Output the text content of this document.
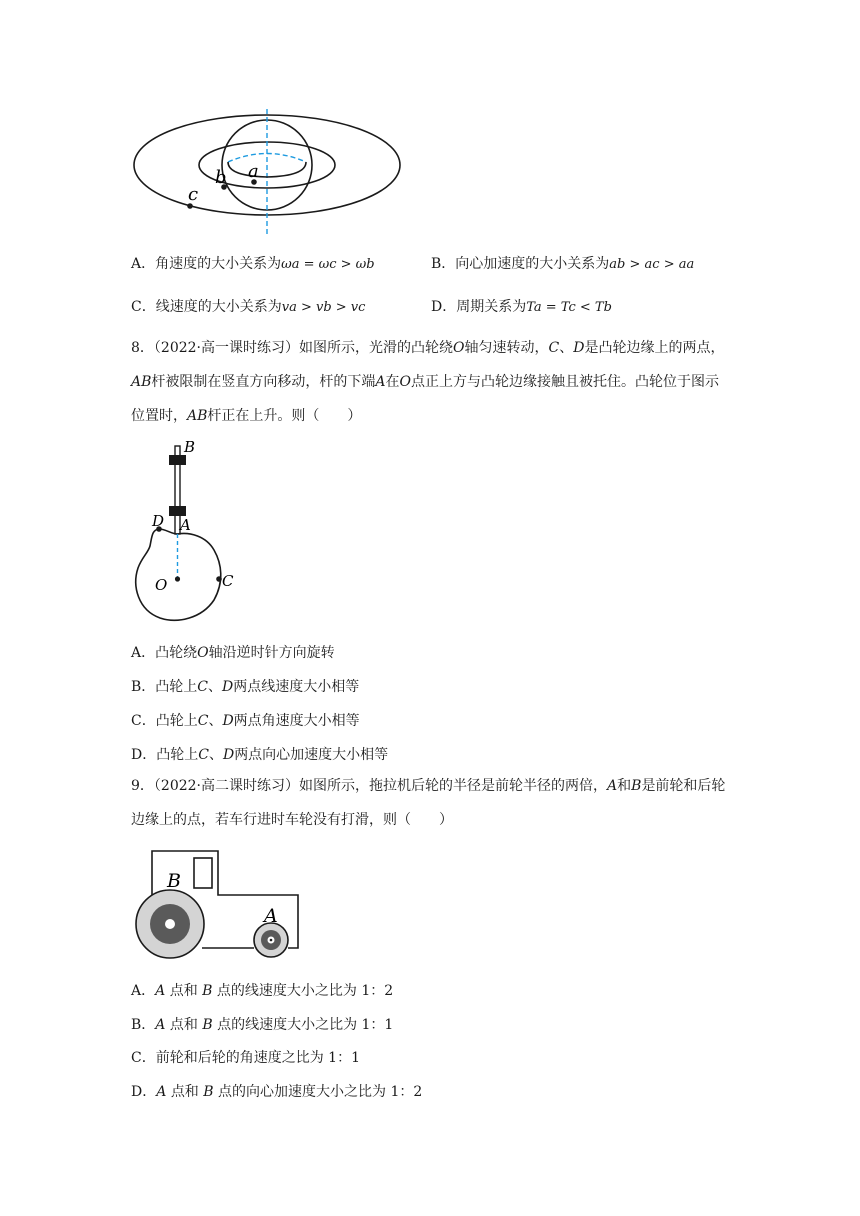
a
b
c
A．角速度的大小关系为ωa = ωc > ωb	B．向心加速度的大小关系为ab > ac > aa
C．线速度的大小关系为va > vb > vc	D．周期关系为Ta = Tc < Tb
8．（2022·高一课时练习）如图所示，光滑的凸轮绕O轴匀速转动，C、D是凸轮边缘上的两点，AB杆被限制在竖直方向移动，杆的下端A在O点正上方与凸轮边缘接触且被托住。凸轮位于图示位置时，AB杆正在上升。则（　　）
B
D A
O	C
A．凸轮绕O轴沿逆时针方向旋转
B．凸轮上C、D两点线速度大小相等
C．凸轮上C、D两点角速度大小相等
D．凸轮上C、D两点向心加速度大小相等
9．（2022·高二课时练习）如图所示，拖拉机后轮的半径是前轮半径的两倍，A和B是前轮和后轮边缘上的点，若车行进时车轮没有打滑，则（　　）
B
A
A．A 点和 B 点的线速度大小之比为 1：2
B．A 点和 B 点的线速度大小之比为 1：1
C．前轮和后轮的角速度之比为 1：1
D．A 点和 B 点的向心加速度大小之比为 1：2
